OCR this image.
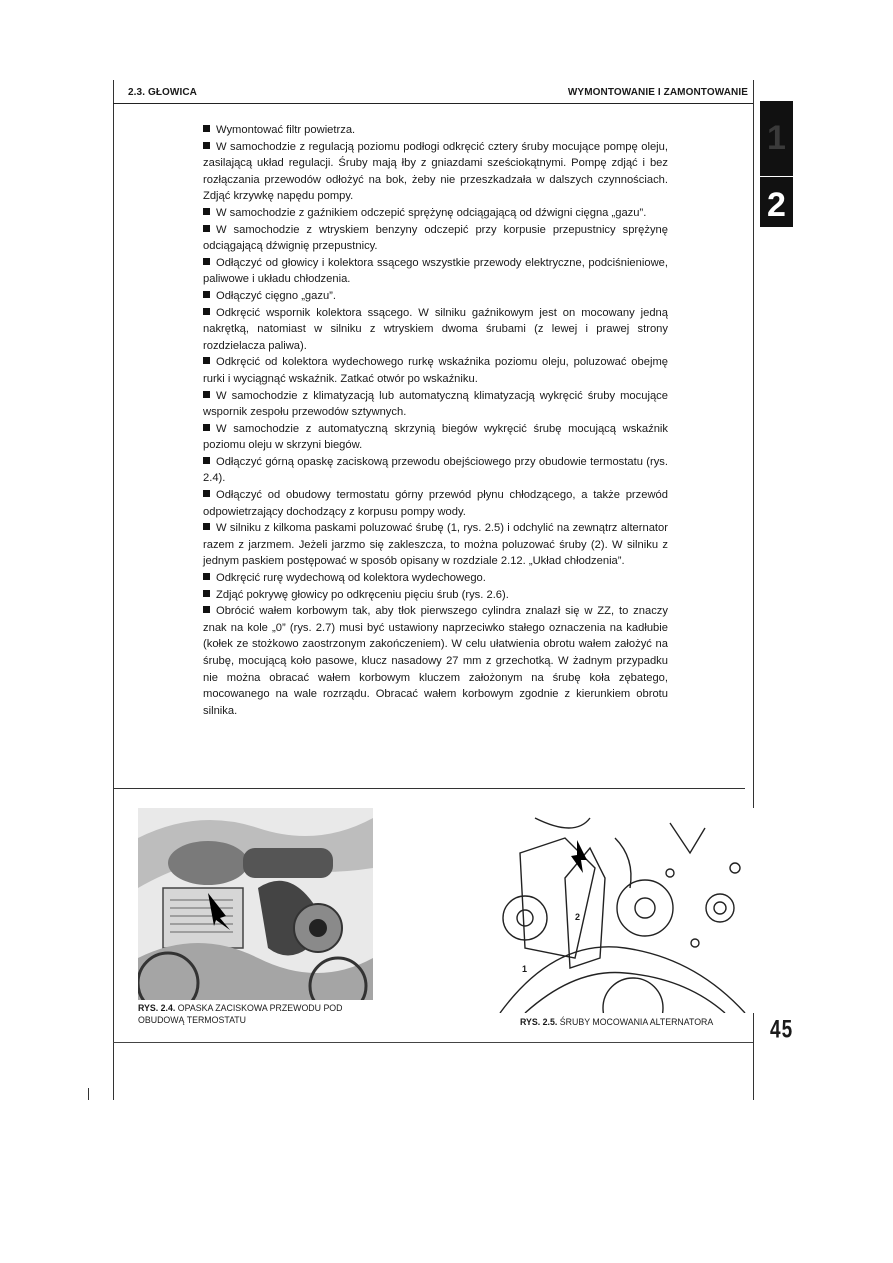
2.3. GŁOWICA	WYMONTOWANIE I ZAMONTOWANIE
1
2

Wymontować filtr powietrza.

W samochodzie z regulacją poziomu podłogi odkręcić cztery śruby mocujące pompę oleju, zasilającą układ regulacji. Śruby mają łby z gniazdami sześciokątnymi. Pompę zdjąć i bez rozłączania przewodów odłożyć na bok, żeby nie przeszkadzała w dalszych czynnościach. Zdjąć krzywkę napędu pompy.

W samochodzie z gaźnikiem odczepić sprężynę odciągającą od dźwigni cięgna „gazu”.

W samochodzie z wtryskiem benzyny odczepić przy korpusie przepustnicy sprężynę odciągającą dźwignię przepustnicy.

Odłączyć od głowicy i kolektora ssącego wszystkie przewody elektryczne, podciśnieniowe, paliwowe i układu chłodzenia.

Odłączyć cięgno „gazu”.

Odkręcić wspornik kolektora ssącego. W silniku gaźnikowym jest on mocowany jedną nakrętką, natomiast w silniku z wtryskiem dwoma śrubami (z lewej i prawej strony rozdzielacza paliwa).

Odkręcić od kolektora wydechowego rurkę wskaźnika poziomu oleju, poluzować obejmę rurki i wyciągnąć wskaźnik. Zatkać otwór po wskaźniku.

W samochodzie z klimatyzacją lub automatyczną klimatyzacją wykręcić śruby mocujące wspornik zespołu przewodów sztywnych.

W samochodzie z automatyczną skrzynią biegów wykręcić śrubę mocującą wskaźnik poziomu oleju w skrzyni biegów.

Odłączyć górną opaskę zaciskową przewodu obejściowego przy obudowie termostatu (rys. 2.4).

Odłączyć od obudowy termostatu górny przewód płynu chłodzącego, a także przewód odpowietrzający dochodzący z korpusu pompy wody.

W silniku z kilkoma paskami poluzować śrubę (1, rys. 2.5) i odchylić na zewnątrz alternator razem z jarzmem. Jeżeli jarzmo się zakleszcza, to można poluzować śruby (2). W silniku z jednym paskiem postępować w sposób opisany w rozdziale 2.12. „Układ chłodzenia”.

Odkręcić rurę wydechową od kolektora wydechowego.

Zdjąć pokrywę głowicy po odkręceniu pięciu śrub (rys. 2.6).

Obrócić wałem korbowym tak, aby tłok pierwszego cylindra znalazł się w ZZ, to znaczy znak na kole „0” (rys. 2.7) musi być ustawiony naprzeciwko stałego oznaczenia na kadłubie (kołek ze stożkowo zaostrzonym zakończeniem). W celu ułatwienia obrotu wałem założyć na śrubę, mocującą koło pasowe, klucz nasadowy 27 mm z grzechotką. W żadnym przypadku nie można obracać wałem korbowym kluczem założonym na śrubę koła zębatego, mocowanego na wale rozrządu. Obracać wałem korbowym zgodnie z kierunkiem obrotu silnika.

RYS. 2.4. OPASKA ZACISKOWA PRZEWODU POD OBUDOWĄ TERMOSTATU
1
2
RYS. 2.5. ŚRUBY MOCOWANIA ALTERNATORA	45
